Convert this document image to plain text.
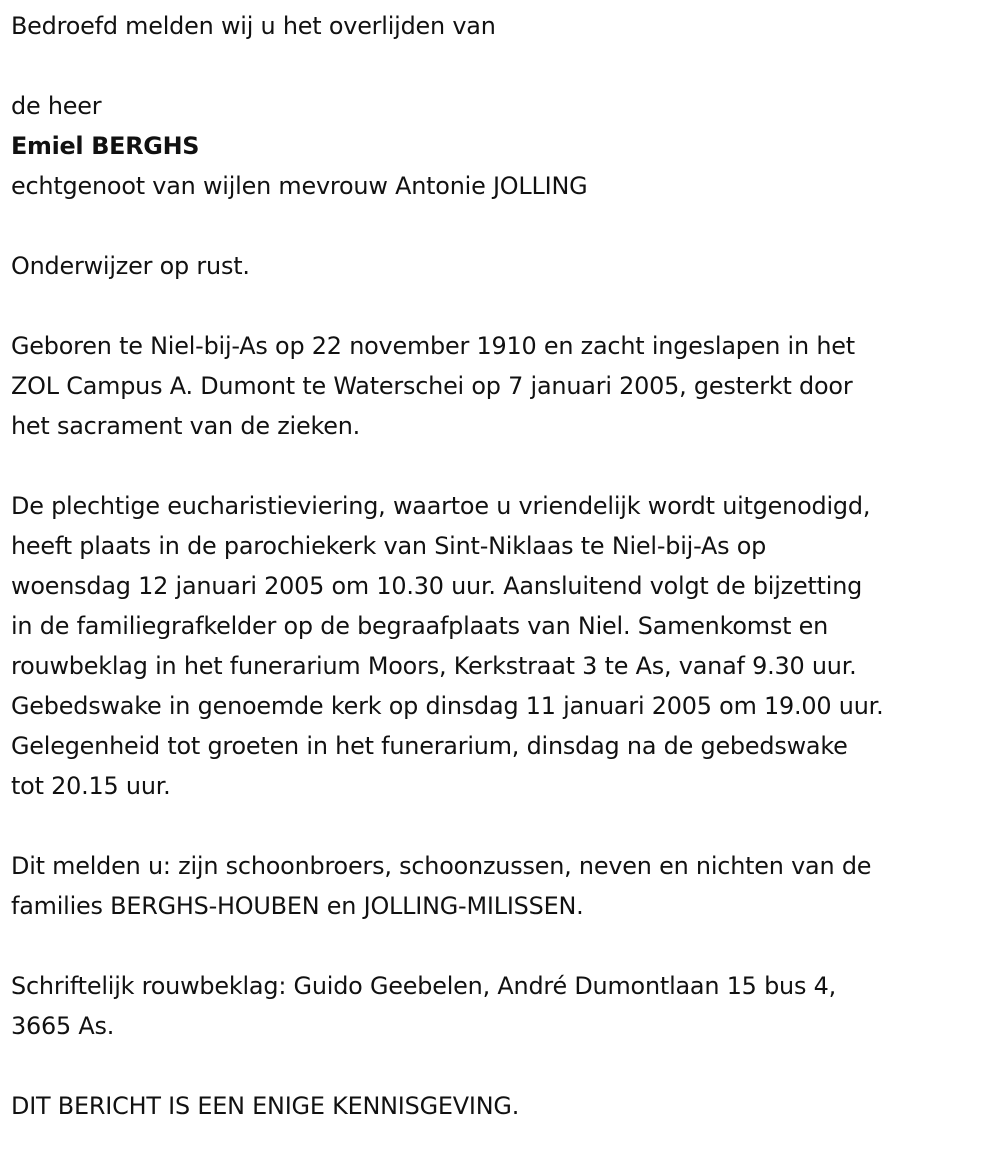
Bedroefd melden wij u het overlijden van
de heer
Emiel BERGHS
echtgenoot van wijlen mevrouw Antonie JOLLING
Onderwijzer op rust.
Geboren te Niel-bij-As op 22 november 1910 en zacht ingeslapen in het
ZOL Campus A. Dumont te Waterschei op 7 januari 2005, gesterkt door
het sacrament van de zieken.
De plechtige eucharistieviering, waartoe u vriendelijk wordt uitgenodigd,
heeft plaats in de parochiekerk van Sint-Niklaas te Niel-bij-As op
woensdag 12 januari 2005 om 10.30 uur. Aansluitend volgt de bijzetting
in de familiegrafkelder op de begraafplaats van Niel. Samenkomst en
rouwbeklag in het funerarium Moors, Kerkstraat 3 te As, vanaf 9.30 uur.
Gebedswake in genoemde kerk op dinsdag 11 januari 2005 om 19.00 uur.
Gelegenheid tot groeten in het funerarium, dinsdag na de gebedswake
tot 20.15 uur.
Dit melden u: zijn schoonbroers, schoonzussen, neven en nichten van de
families BERGHS-HOUBEN en JOLLING-MILISSEN.
Schriftelijk rouwbeklag: Guido Geebelen, André Dumontlaan 15 bus 4,
3665 As.
DIT BERICHT IS EEN ENIGE KENNISGEVING.
